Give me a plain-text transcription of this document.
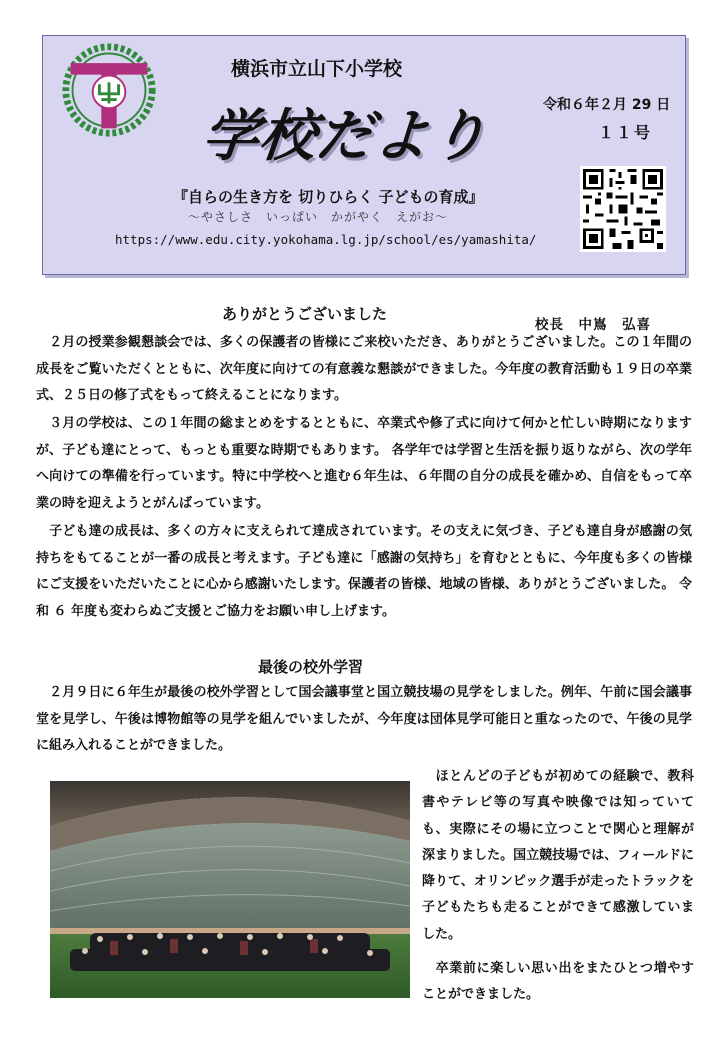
横浜市立山下小学校
学校だより	令和６年２月 29 日
１１号
『自らの生き方を 切りひらく 子どもの育成』
～やさしさ　いっぱい　かがやく　えがお～
https://www.edu.city.yokohama.lg.jp/school/es/yamashita/
ありがとうございました
校長　中嶌　弘喜

　２月の授業参観懇談会では、多くの保護者の皆様にご来校いただき、ありがとうございました。この１年間の成長をご覧いただくとともに、次年度に向けての有意義な懇談ができました。今年度の教育活動も１９日の卒業式、２５日の修了式をもって終えることになります。

　３月の学校は、この１年間の総まとめをするとともに、卒業式や修了式に向けて何かと忙しい時期になりますが、子ども達にとって、もっとも重要な時期でもあります。 各学年では学習と生活を振り返りながら、次の学年へ向けての準備を行っています。特に中学校へと進む６年生は、６年間の自分の成長を確かめ、自信をもって卒業の時を迎えようとがんばっています。

　子ども達の成長は、多くの方々に支えられて達成されています。その支えに気づき、子ども達自身が感謝の気持ちをもてることが一番の成長と考えます。子ども達に「感謝の気持ち」を育むとともに、今年度も多くの皆様にご支援をいただいたことに心から感謝いたします。保護者の皆様、地域の皆様、ありがとうございました。 令和 ６ 年度も変わらぬご支援とご協力をお願い申し上げます。

最後の校外学習

　２月９日に６年生が最後の校外学習として国会議事堂と国立競技場の見学をしました。例年、午前に国会議事堂を見学し、午後は博物館等の見学を組んでいましたが、今年度は団体見学可能日と重なったので、午後の見学に組み入れることができました。

　ほとんどの子どもが初めての経験で、教科書やテレビ等の写真や映像では知っていても、実際にその場に立つことで関心と理解が深まりました。国立競技場では、フィールドに降りて、オリンピック選手が走ったトラックを子どもたちも走ることができて感激していました。

　卒業前に楽しい思い出をまたひとつ増やすことができました。
